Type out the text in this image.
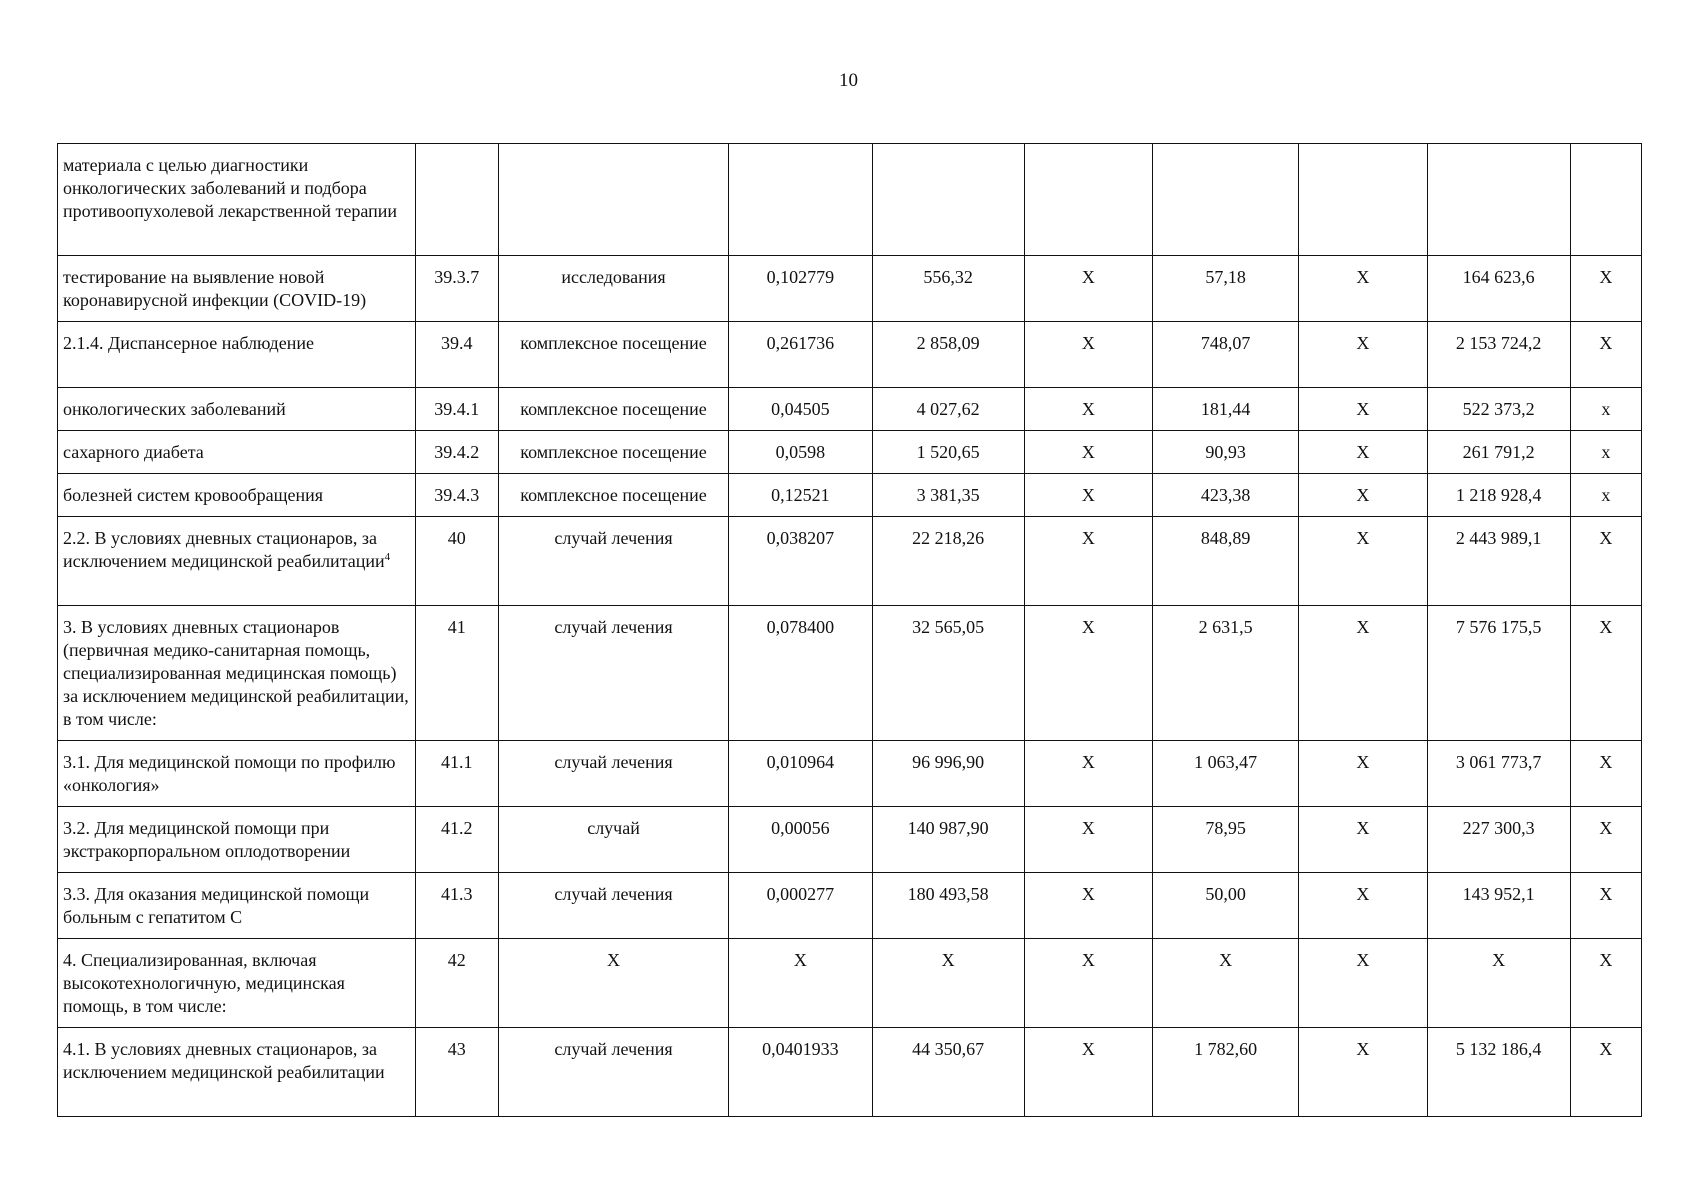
10
материала с целью диагностики онкологических заболеваний и подбора противоопухолевой лекарственной терапии									
тестирование на выявление новой коронавирусной инфекции (COVID-19)	39.3.7	исследования	0,102779	556,32	X	57,18	X	164 623,6	X
2.1.4. Диспансерное наблюдение	39.4	комплексное посещение	0,261736	2 858,09	X	748,07	X	2 153 724,2	X
онкологических заболеваний	39.4.1	комплексное посещение	0,04505	4 027,62	X	181,44	X	522 373,2	x
сахарного диабета	39.4.2	комплексное посещение	0,0598	1 520,65	X	90,93	X	261 791,2	x
болезней систем кровообращения	39.4.3	комплексное посещение	0,12521	3 381,35	X	423,38	X	1 218 928,4	x
2.2. В условиях дневных стационаров, за исключением медицинской реабилитации$^4$	40	случай лечения	0,038207	22 218,26	X	848,89	X	2 443 989,1	X
3. В условиях дневных стационаров (первичная медико-санитарная помощь, специализированная медицинская помощь) за исключением медицинской реабилитации, в том числе:	41	случай лечения	0,078400	32 565,05	X	2 631,5	X	7 576 175,5	X
3.1. Для медицинской помощи по профилю «онкология»	41.1	случай лечения	0,010964	96 996,90	X	1 063,47	X	3 061 773,7	X
3.2. Для медицинской помощи при экстракорпоральном оплодотворении	41.2	случай	0,00056	140 987,90	X	78,95	X	227 300,3	X
3.3. Для оказания медицинской помощи больным с гепатитом С	41.3	случай лечения	0,000277	180 493,58	X	50,00	X	143 952,1	X
4. Специализированная, включая высокотехнологичную, медицинская помощь, в том числе:	42	X	X	X	X	X	X	X	X
4.1. В условиях дневных стационаров, за исключением медицинской реабилитации	43	случай лечения	0,0401933	44 350,67	X	1 782,60	X	5 132 186,4	X
